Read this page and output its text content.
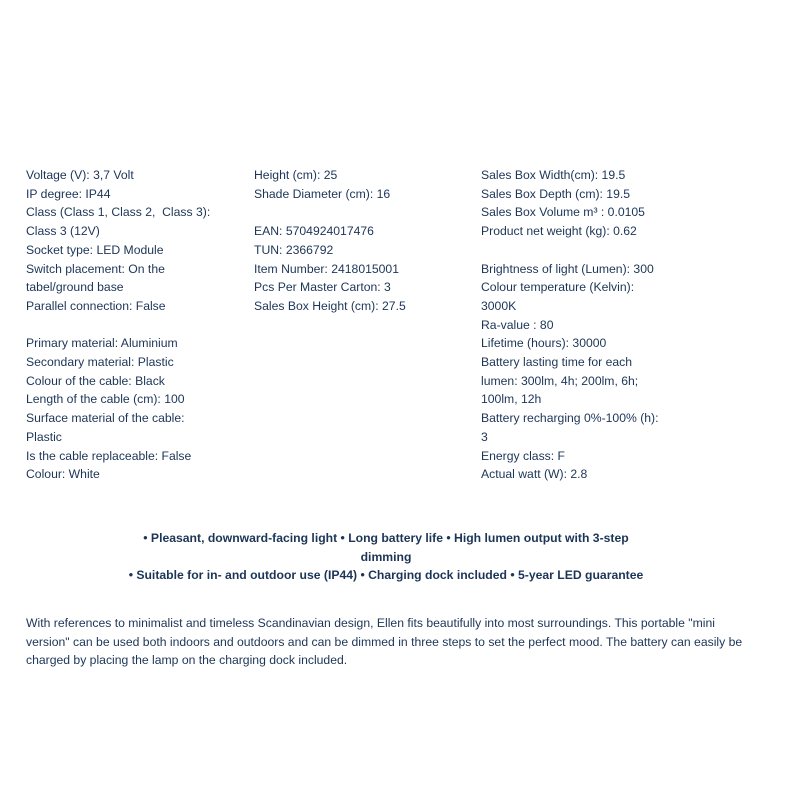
Voltage (V): 3,7 Volt
IP degree: IP44
Class (Class 1, Class 2,  Class 3):
Class 3 (12V)
Socket type: LED Module
Switch placement: On the
tabel/ground base
Parallel connection: False
Primary material: Aluminium
Secondary material: Plastic
Colour of the cable: Black
Length of the cable (cm): 100
Surface material of the cable:
Plastic
Is the cable replaceable: False
Colour: White
Height (cm): 25
Shade Diameter (cm): 16
EAN: 5704924017476
TUN: 2366792
Item Number: 2418015001
Pcs Per Master Carton: 3
Sales Box Height (cm): 27.5
Sales Box Width(cm): 19.5
Sales Box Depth (cm): 19.5
Sales Box Volume m³ : 0.0105
Product net weight (kg): 0.62
Brightness of light (Lumen): 300
Colour temperature (Kelvin):
3000K
Ra-value : 80
Lifetime (hours): 30000
Battery lasting time for each
lumen: 300lm, 4h; 200lm, 6h;
100lm, 12h
Battery recharging 0%-100% (h):
3
Energy class: F
Actual watt (W): 2.8
• Pleasant, downward-facing light • Long battery life • High lumen output with 3-step
dimming
• Suitable for in- and outdoor use (IP44) • Charging dock included • 5-year LED guarantee
With references to minimalist and timeless Scandinavian design, Ellen fits beautifully into most surroundings. This portable "mini version" can be used both indoors and outdoors and can be dimmed in three steps to set the perfect mood. The battery can easily be charged by placing the lamp on the charging dock included.
